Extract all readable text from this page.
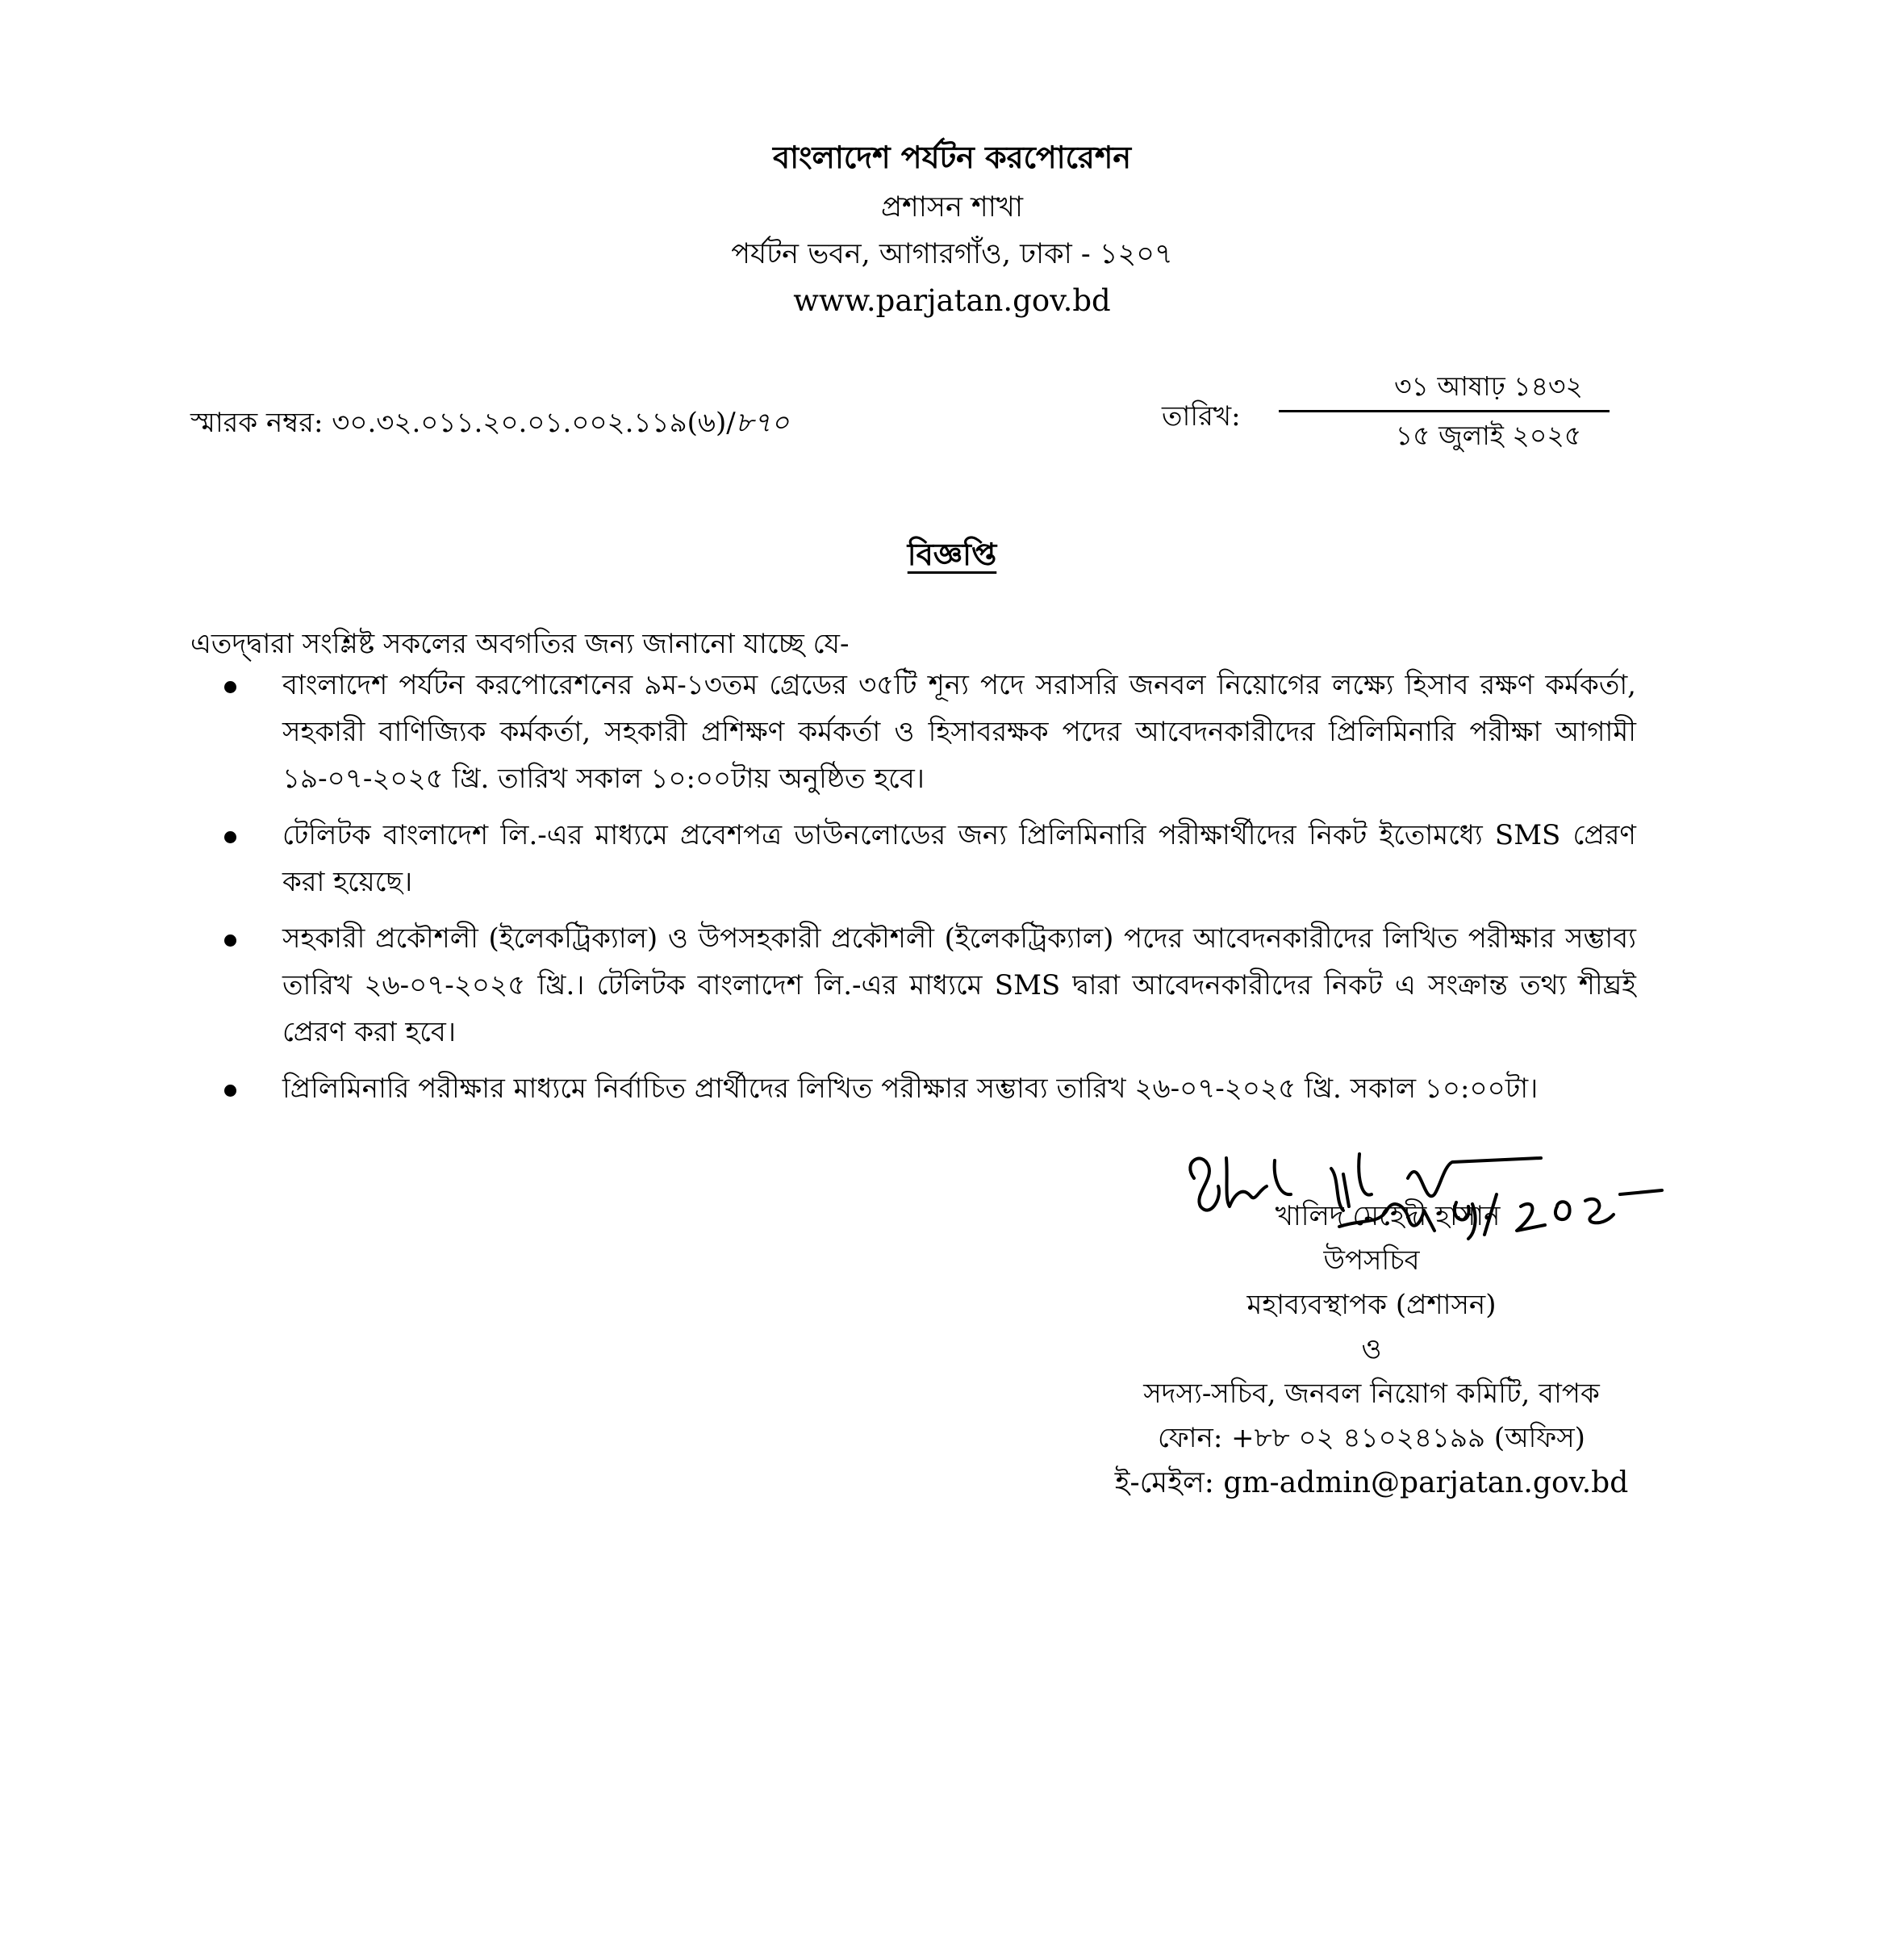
বাংলাদেশ পর্যটন করপোরেশন
প্রশাসন শাখা
পর্যটন ভবন, আগারগাঁও, ঢাকা - ১২০৭
www.parjatan.gov.bd
স্মারক নম্বর: ৩০.৩২.০১১.২০.০১.০০২.১১৯(৬)/৮৭০	তারিখ:
৩১ আষাঢ় ১৪৩২
১৫ জুলাই ২০২৫
বিজ্ঞপ্তি
এতদ্দ্বারা সংশ্লিষ্ট সকলের অবগতির জন্য জানানো যাচ্ছে যে-
বাংলাদেশ পর্যটন করপোরেশনের ৯ম-১৩তম গ্রেডের ৩৫টি শূন্য পদে সরাসরি জনবল নিয়োগের লক্ষ্যে হিসাব রক্ষণ কর্মকর্তা, সহকারী বাণিজ্যিক কর্মকর্তা, সহকারী প্রশিক্ষণ কর্মকর্তা ও হিসাবরক্ষক পদের আবেদনকারীদের প্রিলিমিনারি পরীক্ষা আগামী ১৯-০৭-২০২৫ খ্রি. তারিখ সকাল ১০:০০টায় অনুষ্ঠিত হবে।
টেলিটক বাংলাদেশ লি.-এর মাধ্যমে প্রবেশপত্র ডাউনলোডের জন্য প্রিলিমিনারি পরীক্ষার্থীদের নিকট ইতোমধ্যে SMS প্রেরণ করা হয়েছে।
সহকারী প্রকৌশলী (ইলেকট্রিক্যাল) ও উপসহকারী প্রকৌশলী (ইলেকট্রিক্যাল) পদের আবেদনকারীদের লিখিত পরীক্ষার সম্ভাব্য তারিখ ২৬-০৭-২০২৫ খ্রি.। টেলিটক বাংলাদেশ লি.-এর মাধ্যমে SMS দ্বারা আবেদনকারীদের নিকট এ সংক্রান্ত তথ্য শীঘ্রই প্রেরণ করা হবে।
প্রিলিমিনারি পরীক্ষার মাধ্যমে নির্বাচিত প্রার্থীদের লিখিত পরীক্ষার সম্ভাব্য তারিখ ২৬-০৭-২০২৫ খ্রি. সকাল ১০:০০টা।
খালিদ মেহেদী হাসান
উপসচিব
মহাব্যবস্থাপক (প্রশাসন)
ও
সদস্য-সচিব, জনবল নিয়োগ কমিটি, বাপক
ফোন: +৮৮ ০২ ৪১০২৪১৯৯ (অফিস)
ই-মেইল: gm-admin@parjatan.gov.bd
